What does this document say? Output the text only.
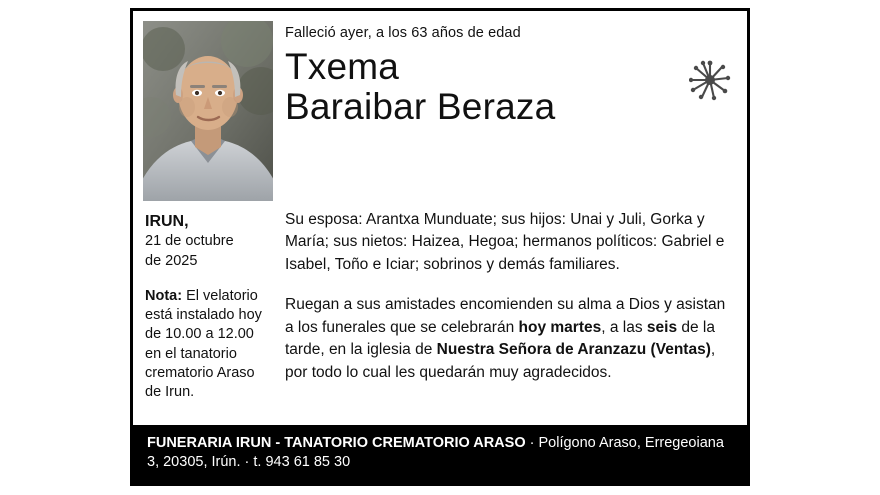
Falleció ayer, a los 63 años de edad
Txema
Baraibar Beraza
IRUN,
21 de octubre
de 2025
Nota: El velatorio está instalado hoy de 10.00 a 12.00 en el tanatorio crematorio Araso de Irun.

Su esposa: Arantxa Munduate; sus hijos: Unai y Juli, Gorka y María; sus nietos: Haizea, Hegoa; hermanos políticos: Gabriel e Isabel, Toño e Iciar; sobrinos y demás familiares.

Ruegan a sus amistades encomienden su alma a Dios y asistan a los funerales que se celebrarán hoy martes, a las seis de la tarde, en la iglesia de Nuestra Señora de Aranzazu (Ventas), por todo lo cual les quedarán muy agradecidos.

FUNERARIA IRUN - TANATORIO CREMATORIO ARASO · Polígono Araso, Erregeoiana 3, 20305, Irún. · t. 943 61 85 30
